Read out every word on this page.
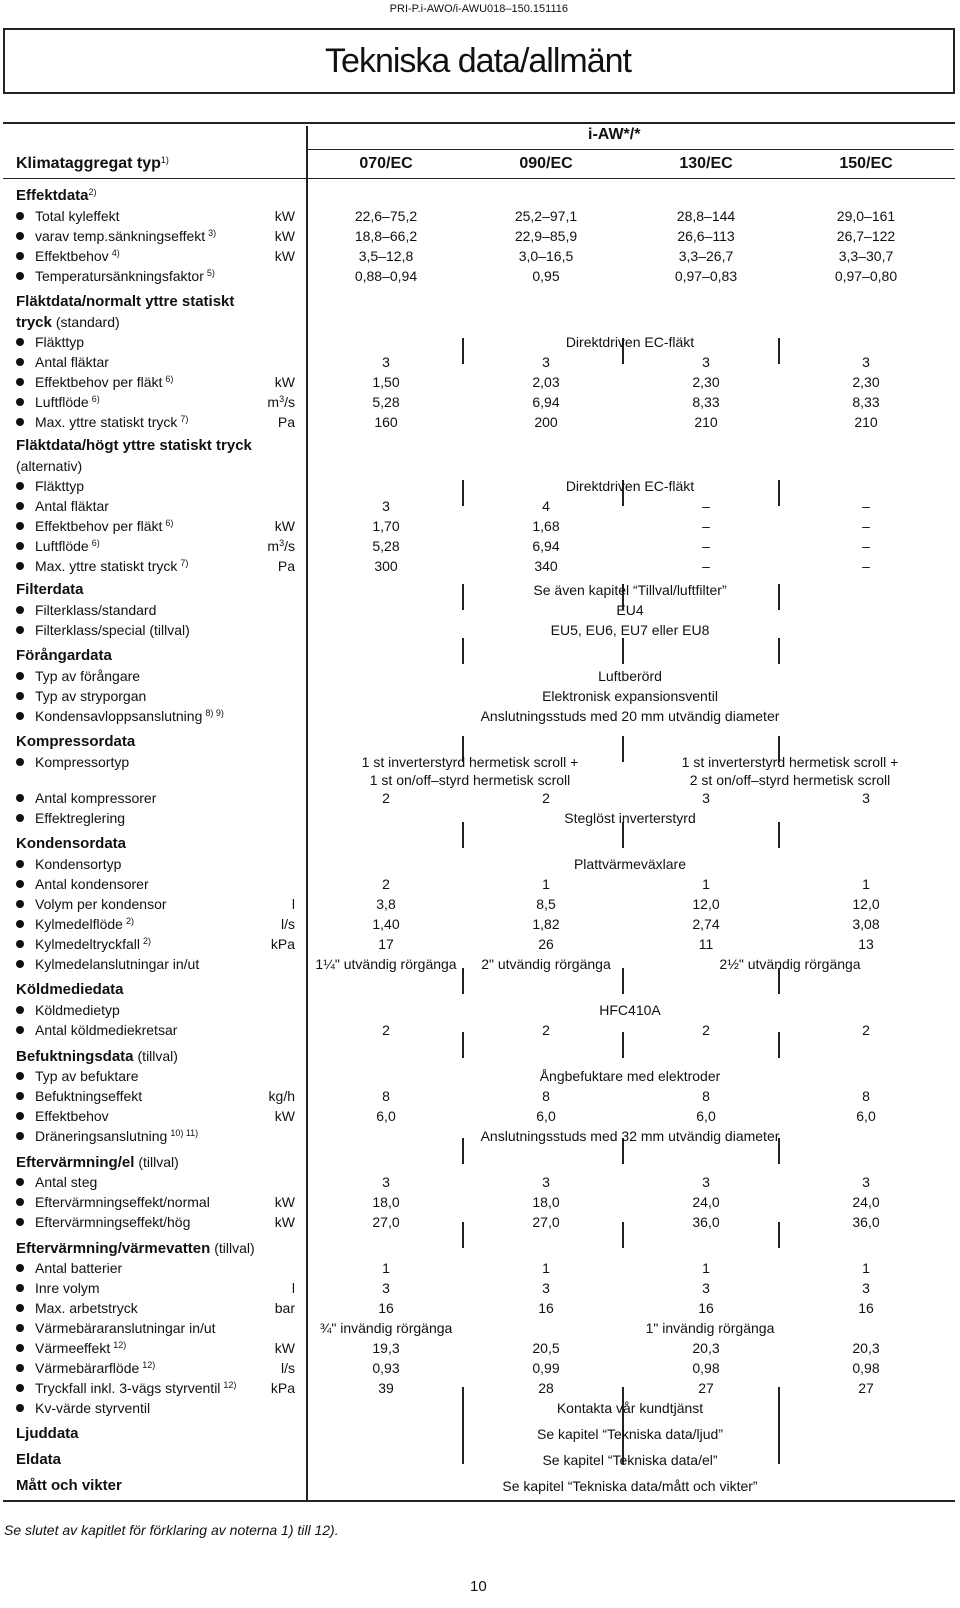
PRI-P.i-AWO/i-AWU018–150.151116
Tekniska data/allmänt
i-AW*/*
Klimataggregat typ$^{1)}$	070/EC	090/EC	130/EC	150/EC
Effektdata$^{2)}$
Total kyleffekt	kW	22,6–75,2	25,2–97,1	28,8–144	29,0–161
varav temp.sänkningseffekt $^{3)}$	kW	18,8–66,2	22,9–85,9	26,6–113	26,7–122
Effektbehov $^{4)}$	kW	3,5–12,8	3,0–16,5	3,3–26,7	3,3–30,7
Temperatursänkningsfaktor $^{5)}$	0,88–0,94	0,95	0,97–0,83	0,97–0,80
Fläktdata/normalt yttre statiskt
tryck (standard)
Fläkttyp	Direktdriven EC-fläkt
Antal fläktar	3	3	3	3
Effektbehov per fläkt $^{6)}$	kW	1,50	2,03	2,30	2,30
Luftflöde $^{6)}$	$m^3/s$	5,28	6,94	8,33	8,33
Max. yttre statiskt tryck $^{7)}$	Pa	160	200	210	210
Fläktdata/högt yttre statiskt tryck
(alternativ)
Fläkttyp	Direktdriven EC-fläkt
Antal fläktar	3	4	–	–
Effektbehov per fläkt $^{6)}$	kW	1,70	1,68	–	–
Luftflöde $^{6)}$	$m^3/s$	5,28	6,94	–	–
Max. yttre statiskt tryck $^{7)}$	Pa	300	340	–	–
Filterdata	Se även kapitel “Tillval/luftfilter”
Filterklass/standard	EU4
Filterklass/special (tillval)	EU5, EU6, EU7 eller EU8
Förångardata
Typ av förångare	Luftberörd
Typ av stryporgan	Elektronisk expansionsventil
Kondensavloppsanslutning $^{8) 9)}$	Anslutningsstuds med 20 mm utvändig diameter
Kompressordata
Kompressortyp	1 st inverterstyrd hermetisk scroll +	1 st inverterstyrd hermetisk scroll +
1 st on/off–styrd hermetisk scroll	2 st on/off–styrd hermetisk scroll
Antal kompressorer	2	2	3	3
Effektreglering	Steglöst inverterstyrd
Kondensordata
Kondensortyp	Plattvärmeväxlare
Antal kondensorer	2	1	1	1
Volym per kondensor	l	3,8	8,5	12,0	12,0
Kylmedelflöde $^{2)}$	l/s	1,40	1,82	2,74	3,08
Kylmedeltryckfall $^{2)}$	kPa	17	26	11	13
Kylmedelanslutningar in/ut	1¼" utvändig rörgänga	2" utvändig rörgänga	2½" utvändig rörgänga
Köldmediedata
Köldmedietyp	HFC410A
Antal köldmediekretsar	2	2	2	2
Befuktningsdata (tillval)
Typ av befuktare	Ångbefuktare med elektroder
Befuktningseffekt	kg/h	8	8	8	8
Effektbehov	kW	6,0	6,0	6,0	6,0
Dräneringsanslutning $^{10) 11)}$	Anslutningsstuds med 32 mm utvändig diameter
Eftervärmning/el (tillval)
Antal steg	3	3	3	3
Eftervärmningseffekt/normal	kW	18,0	18,0	24,0	24,0
Eftervärmningseffekt/hög	kW	27,0	27,0	36,0	36,0
Eftervärmning/värmevatten (tillval)
Antal batterier	1	1	1	1
Inre volym	l	3	3	3	3
Max. arbetstryck	bar	16	16	16	16
Värmebäraranslutningar in/ut	¾" invändig rörgänga	1" invändig rörgänga
Värmeeffekt $^{12)}$	kW	19,3	20,5	20,3	20,3
Värmebärarflöde $^{12)}$	l/s	0,93	0,99	0,98	0,98
Tryckfall inkl. 3-vägs styrventil $^{12)}$	kPa	39	28	27	27
Kv-värde styrventil	Kontakta vår kundtjänst
Ljuddata	Se kapitel “Tekniska data/ljud”
Eldata	Se kapitel “Tekniska data/el”
Mått och vikter	Se kapitel “Tekniska data/mått och vikter”
Se slutet av kapitlet för förklaring av noterna 1) till 12).
10
